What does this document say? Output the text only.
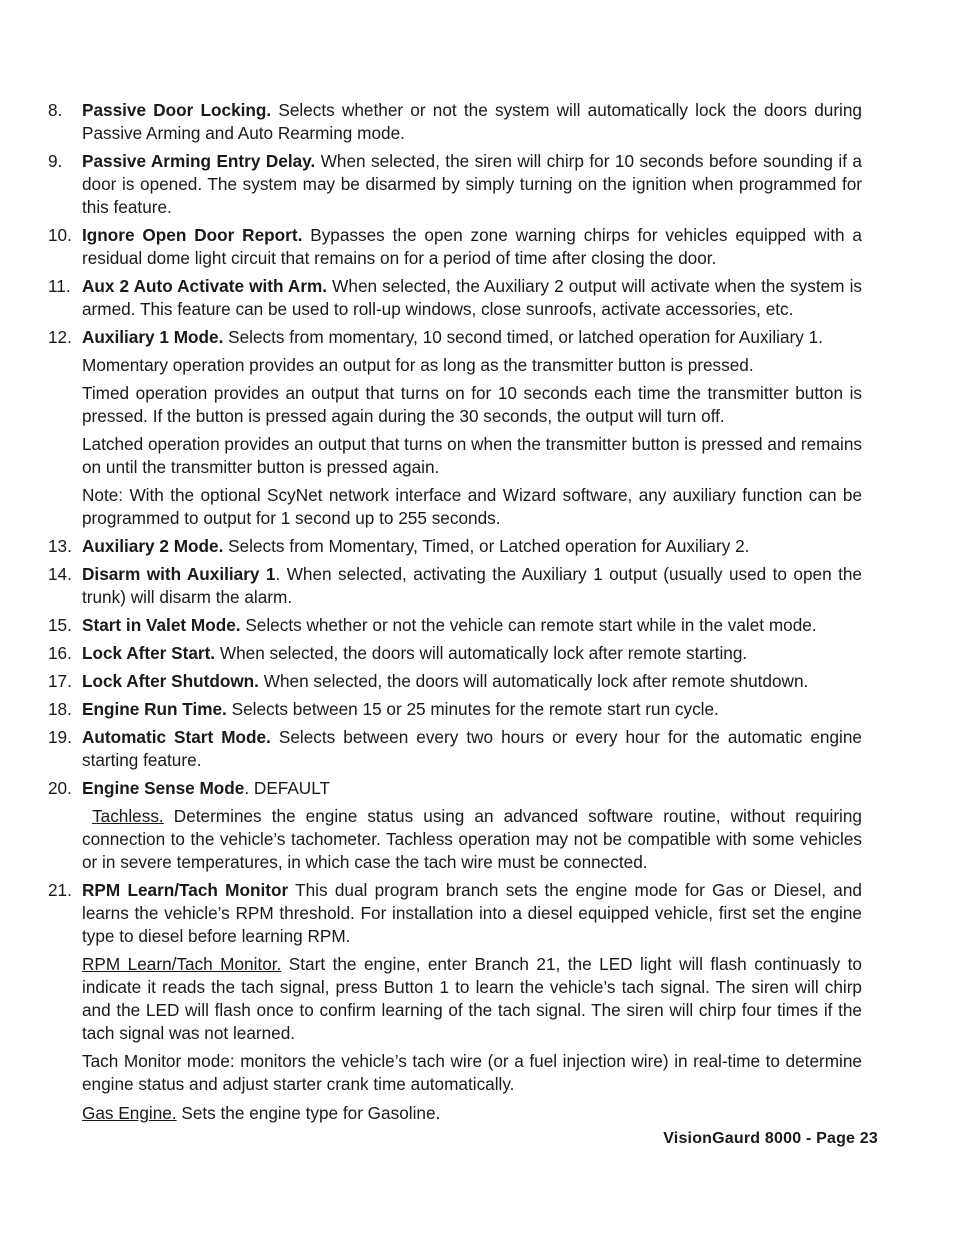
8. Passive Door Locking. Selects whether or not the system will automatically lock the doors during Passive Arming and Auto Rearming mode.
9. Passive Arming Entry Delay. When selected, the siren will chirp for 10 seconds before sounding if a door is opened. The system may be disarmed by simply turning on the ignition when programmed for this feature.
10. Ignore Open Door Report. Bypasses the open zone warning chirps for vehicles equipped with a residual dome light circuit that remains on for a period of time after closing the door.
11. Aux 2 Auto Activate with Arm. When selected, the Auxiliary 2 output will activate when the system is armed. This feature can be used to roll-up windows, close sunroofs, activate accessories, etc.
12. Auxiliary 1 Mode. Selects from momentary, 10 second timed, or latched operation for Auxiliary 1.
Momentary operation provides an output for as long as the transmitter button is pressed.
Timed operation provides an output that turns on for 10 seconds each time the transmitter button is pressed. If the button is pressed again during the 30 seconds, the output will turn off.
Latched operation provides an output that turns on when the transmitter button is pressed and remains on until the transmitter button is pressed again.
Note: With the optional ScyNet network interface and Wizard software, any auxiliary function can be programmed to output for 1 second up to 255 seconds.
13. Auxiliary 2 Mode. Selects from Momentary, Timed, or Latched operation for Auxiliary 2.
14. Disarm with Auxiliary 1. When selected, activating the Auxiliary 1 output (usually used to open the trunk) will disarm the alarm.
15. Start in Valet Mode. Selects whether or not the vehicle can remote start while in the valet mode.
16. Lock After Start. When selected, the doors will automatically lock after remote starting.
17. Lock After Shutdown. When selected, the doors will automatically lock after remote shutdown.
18. Engine Run Time. Selects between 15 or 25 minutes for the remote start run cycle.
19. Automatic Start Mode. Selects between every two hours or every hour for the automatic engine starting feature.
20. Engine Sense Mode. DEFAULT
Tachless. Determines the engine status using an advanced software routine, without requiring connection to the vehicle’s tachometer. Tachless operation may not be compatible with some vehicles or in severe temperatures, in which case the tach wire must be connected.
21. RPM Learn/Tach Monitor This dual program branch sets the engine mode for Gas or Diesel, and learns the vehicle’s RPM threshold. For installation into a diesel equipped vehicle, first set the engine type to diesel before learning RPM.
RPM Learn/Tach Monitor. Start the engine, enter Branch 21, the LED light will flash continuasly to indicate it reads the tach signal, press Button 1 to learn the vehicle’s tach signal. The siren will chirp and the LED will flash once to confirm learning of the tach signal. The siren will chirp four times if the tach signal was not learned.
Tach Monitor mode: monitors the vehicle’s tach wire (or a fuel injection wire) in real-time to determine engine status and adjust starter crank time automatically.
Gas Engine. Sets the engine type for Gasoline.
VisionGaurd 8000 - Page 23
